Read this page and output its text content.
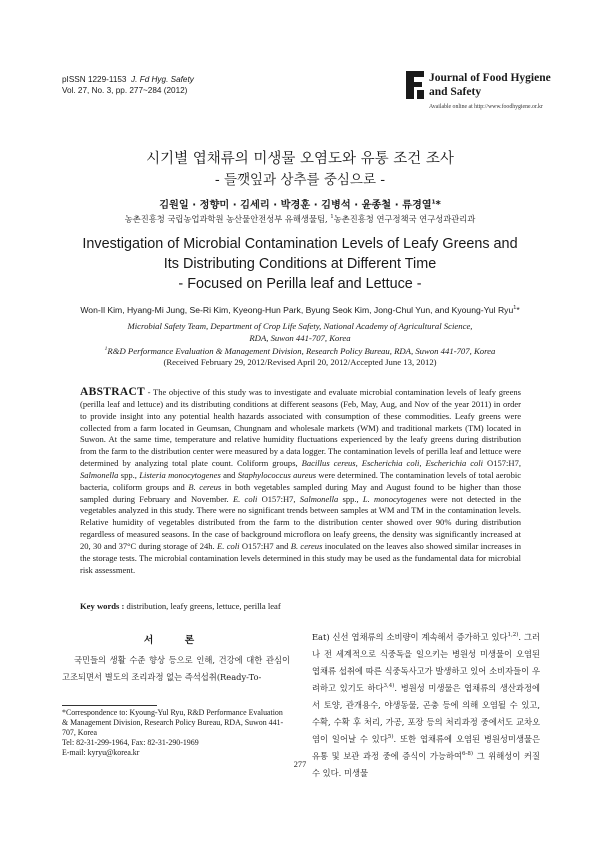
pISSN 1229-1153 J. Fd Hyg. Safety
Vol. 27, No. 3, pp. 277~284 (2012)
Journal of Food Hygiene
and Safety
Available online at http://www.foodhygiene.or.kr
시기별 엽채류의 미생물 오염도와 유통 조건 조사
- 들깻잎과 상추를 중심으로 -
김원일 · 정향미 · 김세리 · 박경훈 · 김병석 · 윤종철 · 류경열$^1$*
농촌진흥청 국립농업과학원 농산물안전성부 유해생물팀, $^1$농촌진흥청 연구정책국 연구성과관리과
Investigation of Microbial Contamination Levels of Leafy Greens and
Its Distributing Conditions at Different Time
- Focused on Perilla leaf and Lettuce -
Won-Il Kim, Hyang-Mi Jung, Se-Ri Kim, Kyeong-Hun Park, Byung Seok Kim, Jong-Chul Yun, and Kyoung-Yul Ryu$^1$*
Microbial Safety Team, Department of Crop Life Safety, National Academy of Agricultural Science,
RDA, Suwon 441-707, Korea
$^1$R&D Performance Evaluation & Management Division, Research Policy Bureau, RDA, Suwon 441-707, Korea
(Received February 29, 2012/Revised April 20, 2012/Accepted June 13, 2012)
ABSTRACT - The objective of this study was to investigate and evaluate microbial contamination levels of leafy greens (perilla leaf and lettuce) and its distributing conditions at different seasons (Feb, May, Aug, and Nov of the year 2011) in order to provide insight into any potential health hazards associated with consumption of these commodities. Leafy greens were collected from a farm located in Geumsan, Chungnam and wholesale markets (WM) and traditional markets (TM) located in Suwon. At the same time, temperature and relative humidity fluctuations experienced by the leafy greens during distribution from the farm to the distribution center were measured by a data logger. The contamination levels of perilla leaf and lettuce were determined by analyzing total plate count. Coliform groups, Bacillus cereus, Escherichia coli, Escherichia coli O157:H7, Salmonella spp., Listeria monocytogenes and Staphylococcus aureus were determined. The contamination levels of total aerobic bacteria, coliform groups and B. cereus in both vegetables sampled during May and August found to be higher than those sampled during February and November. E. coli O157:H7, Salmonella spp., L. monocytogenes were not detected in the vegetables analyzed in this study. There were no significant trends between samples at WM and TM in the contamination levels. Relative humidity of vegetables distributed from the farm to the distribution center showed over 90% during distribution regardless of measured seasons. In the case of background microflora on leafy greens, the density was significantly increased at 20, 30 and 37°C during storage of 24h. E. coli O157:H7 and B. cereus inoculated on the leaves also showed similar increases in the storage tests. The microbial contamination levels determined in this study may be used as the fundamental data for microbial risk assessment.
Key words : distribution, leafy greens, lettuce, perilla leaf
서 론
국민들의 생활 수준 향상 등으로 인해, 건강에 대한 관심이 고조되면서 별도의 조리과정 없는 즉석섭취(Ready-To-
Eat) 신선 엽채류의 소비량이 계속해서 증가하고 있다$^{1,2)}$. 그러나 전 세계적으로 식중독을 일으키는 병원성 미생물이 오염된 엽채류 섭취에 따른 식중독사고가 발생하고 있어 소비자들이 우려하고 있기도 하다$^{3,4)}$. 병원성 미생물은 엽채류의 생산과정에서 토양, 관개용수, 야생동물, 곤충 등에 의해 오염될 수 있고, 수확, 수확 후 처리, 가공, 포장 등의 처리과정 중에서도 교차오염이 일어날 수 있다$^{5)}$. 또한 엽채류에 오염된 병원성미생물은 유통 및 보관 과정 중에 증식이 가능하여$^{6-8)}$ 그 위해성이 커질 수 있다. 미생물
*Correspondence to: Kyoung-Yul Ryu, R&D Performance Evaluation & Management Division, Research Policy Bureau, RDA, Suwon 441-707, Korea
Tel: 82-31-299-1964, Fax: 82-31-290-1969
E-mail: kyryu@korea.kr
277
